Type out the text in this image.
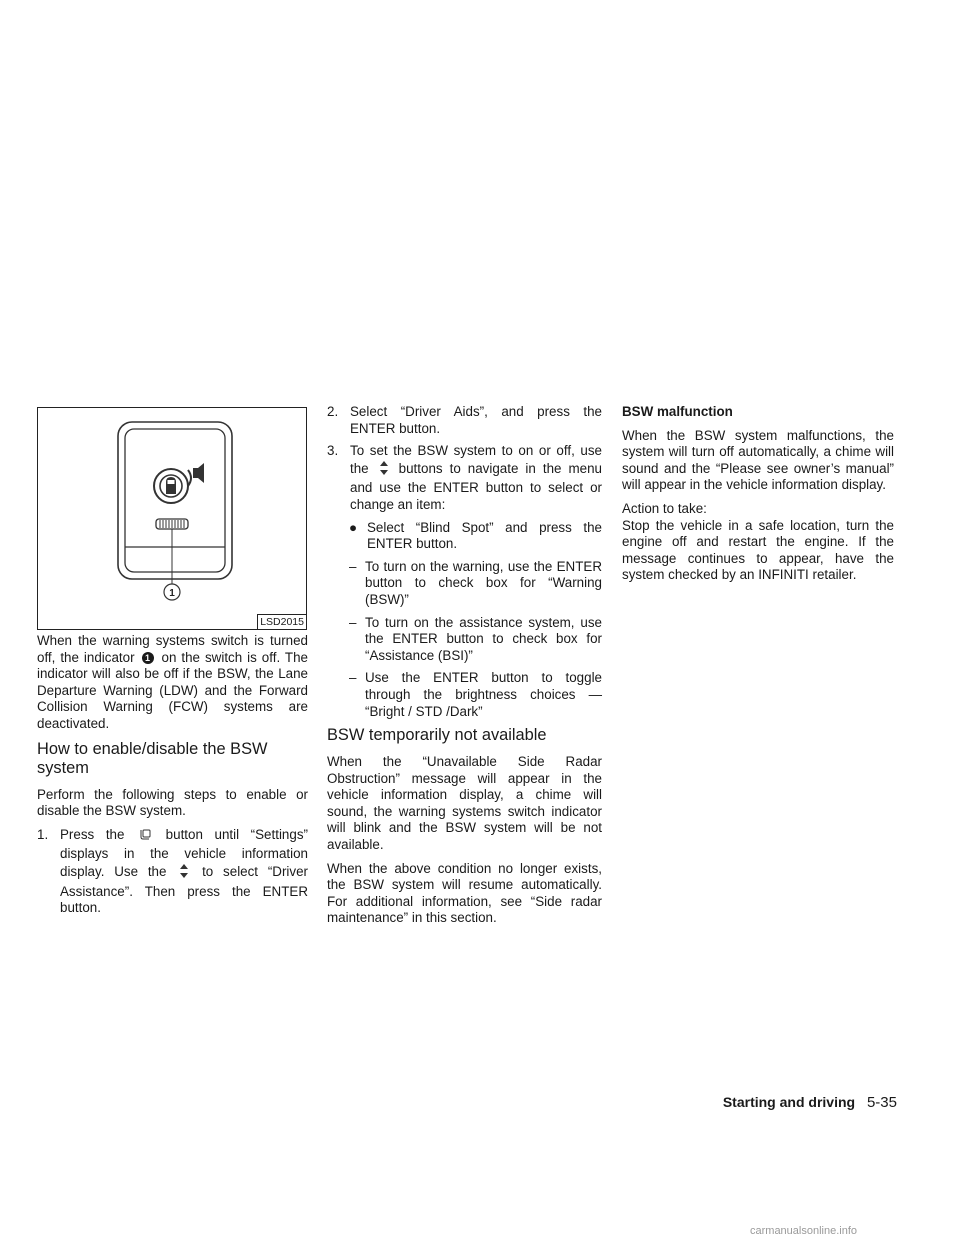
1
LSD2015

When the warning systems switch is turned off, the indicator 1 on the switch is off. The indicator will also be off if the BSW, the Lane Departure Warning (LDW) and the Forward Collision Warning (FCW) systems are deactivated.

How to enable/disable the BSW system

Perform the following steps to enable or disable the BSW system.

1. Press the	button until “Settings” displays in the vehicle information display. Use the	to select “Driver Assistance”. Then press the ENTER button.
2. Select “Driver Aids”, and press the ENTER button.
3. To set the BSW system to on or off, use the buttons to navigate in the menu and use the ENTER button to select or change an item:
● Select “Blind Spot” and press the ENTER button.
– To turn on the warning, use the ENTER button to check box for “Warning (BSW)”
– To turn on the assistance system, use the ENTER button to check box for “Assistance (BSI)”
– Use the ENTER button to toggle through the brightness choices — “Bright / STD /Dark”
BSW temporarily not available

When the “Unavailable Side Radar Obstruction” message will appear in the vehicle information display, a chime will sound, the warning systems switch indicator will blink and the BSW system will be not available.

When the above condition no longer exists, the BSW system will resume automatically. For additional information, see “Side radar maintenance” in this section.

BSW malfunction

When the BSW system malfunctions, the system will turn off automatically, a chime will sound and the “Please see owner’s manual” will appear in the vehicle information display.

Action to take:

Stop the vehicle in a safe location, turn the engine off and restart the engine. If the message continues to appear, have the system checked by an INFINITI retailer.

Starting and driving 5-35
carmanualsonline.info
